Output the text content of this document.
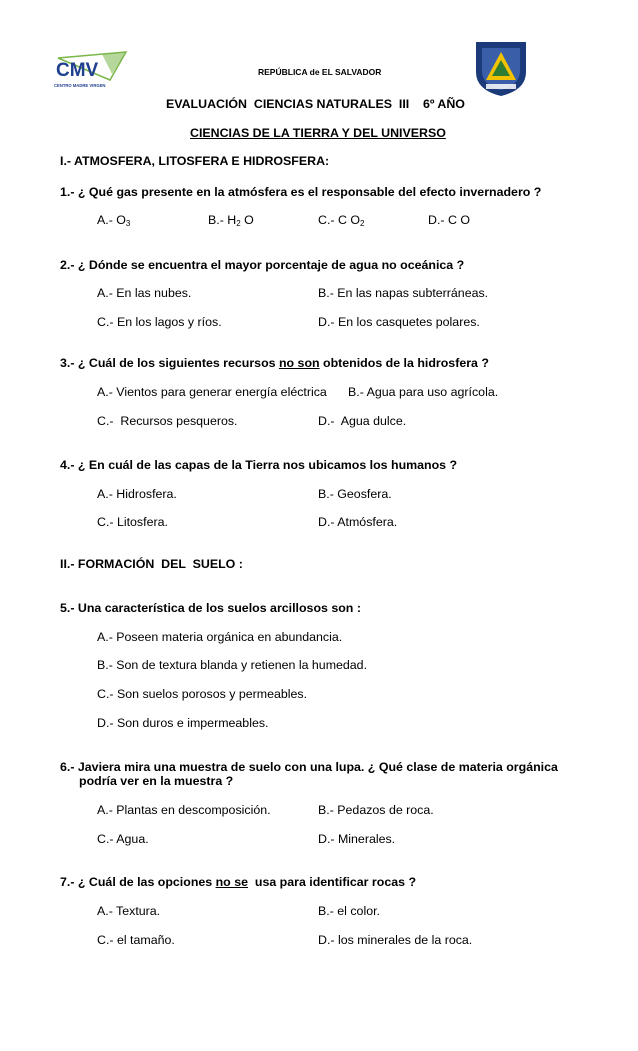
CMV
CENTRO MADRE VIRGEN
REPÚBLICA de EL SALVADOR
EVALUACIÓN  CIENCIAS NATURALES  III    6º AÑO
CIENCIAS DE LA TIERRA Y DEL UNIVERSO
I.- ATMOSFERA, LITOSFERA E HIDROSFERA:
1.- ¿ Qué gas presente en la atmósfera es el responsable del efecto invernadero ?
A.- $O_3$	B.- $H_2$ O	C.- C $O_2$	D.- C O
2.- ¿ Dónde se encuentra el mayor porcentaje de agua no oceánica ?
A.- En las nubes.	B.- En las napas subterráneas.
C.- En los lagos y ríos.	D.- En los casquetes polares.
3.- ¿ Cuál de los siguientes recursos no son obtenidos de la hidrosfera ?
A.- Vientos para generar energía eléctrica B.- Agua para uso agrícola.
C.-  Recursos pesqueros.	D.-  Agua dulce.
4.- ¿ En cuál de las capas de la Tierra nos ubicamos los humanos ?
A.- Hidrosfera.	B.- Geosfera.
C.- Litosfera.	D.- Atmósfera.
II.- FORMACIÓN  DEL  SUELO :
5.- Una característica de los suelos arcillosos son :
A.- Poseen materia orgánica en abundancia.
B.- Son de textura blanda y retienen la humedad.
C.- Son suelos porosos y permeables.
D.- Son duros e impermeables.
6.- Javiera mira una muestra de suelo con una lupa. ¿ Qué clase de materia orgánica
podría ver en la muestra ?
A.- Plantas en descomposición.	B.- Pedazos de roca.
C.- Agua.	D.- Minerales.
7.- ¿ Cuál de las opciones no se  usa para identificar rocas ?
A.- Textura.	B.- el color.
C.- el tamaño.	D.- los minerales de la roca.
